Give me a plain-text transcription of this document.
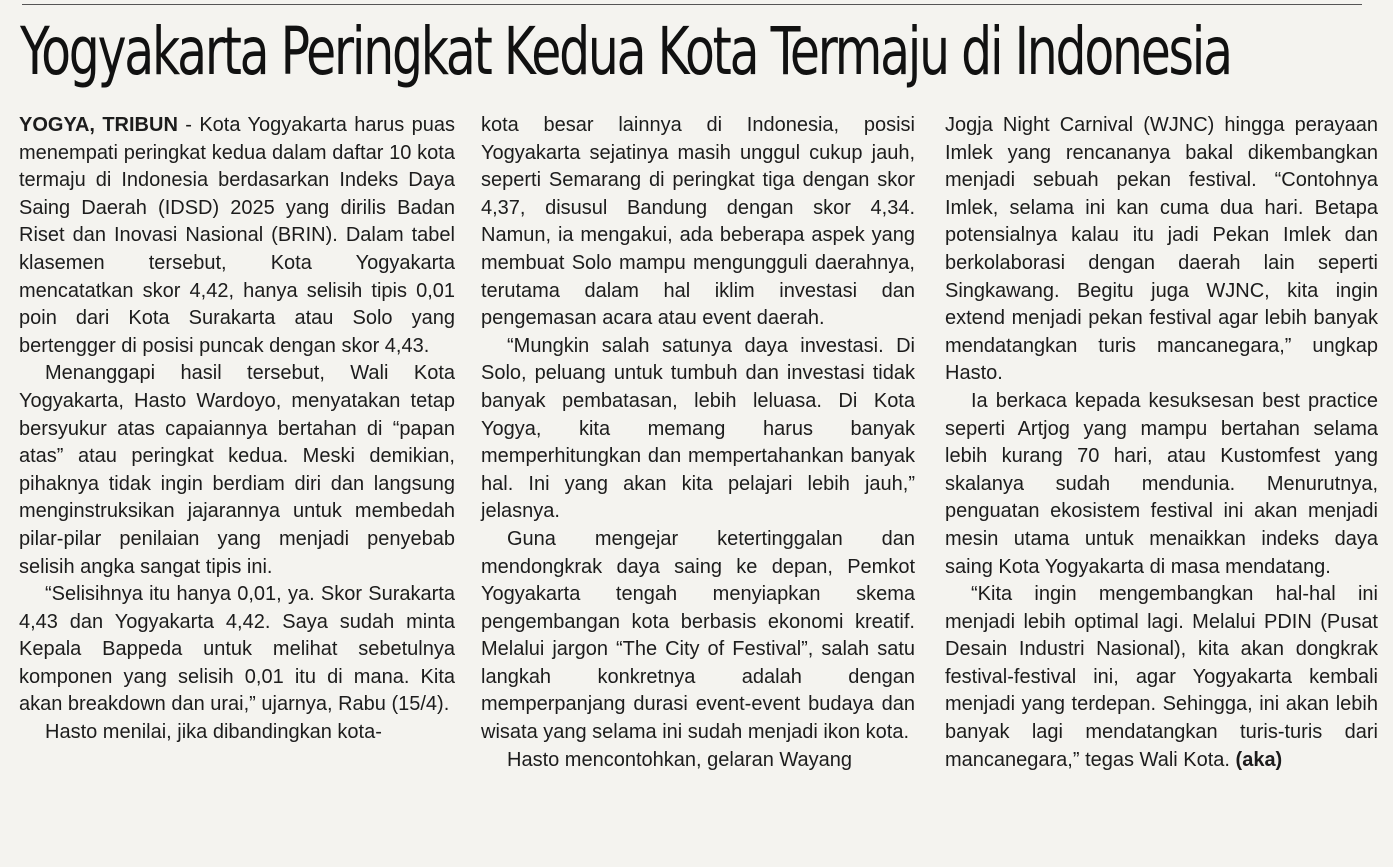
Yogyakarta Peringkat Kedua Kota Termaju di Indonesia

YOGYA, TRIBUN - Kota Yogyakarta harus puas menempati peringkat kedua dalam daftar 10 kota termaju di Indonesia berdasarkan Indeks Daya Saing Daerah (IDSD) 2025 yang dirilis Badan Riset dan Inovasi Nasional (BRIN). Dalam tabel klasemen tersebut, Kota Yogyakarta mencatatkan skor 4,42, hanya selisih tipis 0,01 poin dari Kota Surakarta atau Solo yang bertengger di posisi puncak dengan skor 4,43.

Menanggapi hasil tersebut, Wali Kota Yogyakarta, Hasto Wardoyo, menyatakan tetap bersyukur atas capaiannya bertahan di “papan atas” atau peringkat kedua. Meski demikian, pihaknya tidak ingin berdiam diri dan langsung menginstruksikan jajarannya untuk membedah pilar-pilar penilaian yang menjadi penyebab selisih angka sangat tipis ini.

“Selisihnya itu hanya 0,01, ya. Skor Surakarta 4,43 dan Yogyakarta 4,42. Saya sudah minta Kepala Bappeda untuk melihat sebetulnya komponen yang selisih 0,01 itu di mana. Kita akan breakdown dan urai,” ujarnya, Rabu (15/4).

Hasto menilai, jika dibandingkan kota-

kota besar lainnya di Indonesia, posisi Yogyakarta sejatinya masih unggul cukup jauh, seperti Semarang di peringkat tiga dengan skor 4,37, disusul Bandung dengan skor 4,34. Namun, ia mengakui, ada beberapa aspek yang membuat Solo mampu mengungguli daerahnya, terutama dalam hal iklim investasi dan pengemasan acara atau event daerah.

“Mungkin salah satunya daya investasi. Di Solo, peluang untuk tumbuh dan investasi tidak banyak pembatasan, lebih leluasa. Di Kota Yogya, kita memang harus banyak memperhitungkan dan mempertahankan banyak hal. Ini yang akan kita pelajari lebih jauh,” jelasnya.

Guna mengejar ketertinggalan dan mendongkrak daya saing ke depan, Pemkot Yogyakarta tengah menyiapkan skema pengembangan kota berbasis ekonomi kreatif. Melalui jargon “The City of Festival”, salah satu langkah konkretnya adalah dengan memperpanjang durasi event-event budaya dan wisata yang selama ini sudah menjadi ikon kota.

Hasto mencontohkan, gelaran Wayang

Jogja Night Carnival (WJNC) hingga perayaan Imlek yang rencananya bakal dikembangkan menjadi sebuah pekan festival. “Contohnya Imlek, selama ini kan cuma dua hari. Betapa potensialnya kalau itu jadi Pekan Imlek dan berkolaborasi dengan daerah lain seperti Singkawang. Begitu juga WJNC, kita ingin extend menjadi pekan festival agar lebih banyak mendatangkan turis mancanegara,” ungkap Hasto.

Ia berkaca kepada kesuksesan best practice seperti Artjog yang mampu bertahan selama lebih kurang 70 hari, atau Kustomfest yang skalanya sudah mendunia. Menurutnya, penguatan ekosistem festival ini akan menjadi mesin utama untuk menaikkan indeks daya saing Kota Yogyakarta di masa mendatang.

“Kita ingin mengembangkan hal-hal ini menjadi lebih optimal lagi. Melalui PDIN (Pusat Desain Industri Nasional), kita akan dongkrak festival-festival ini, agar Yogyakarta kembali menjadi yang terdepan. Sehingga, ini akan lebih banyak lagi mendatangkan turis-turis dari mancanegara,” tegas Wali Kota. (aka)
